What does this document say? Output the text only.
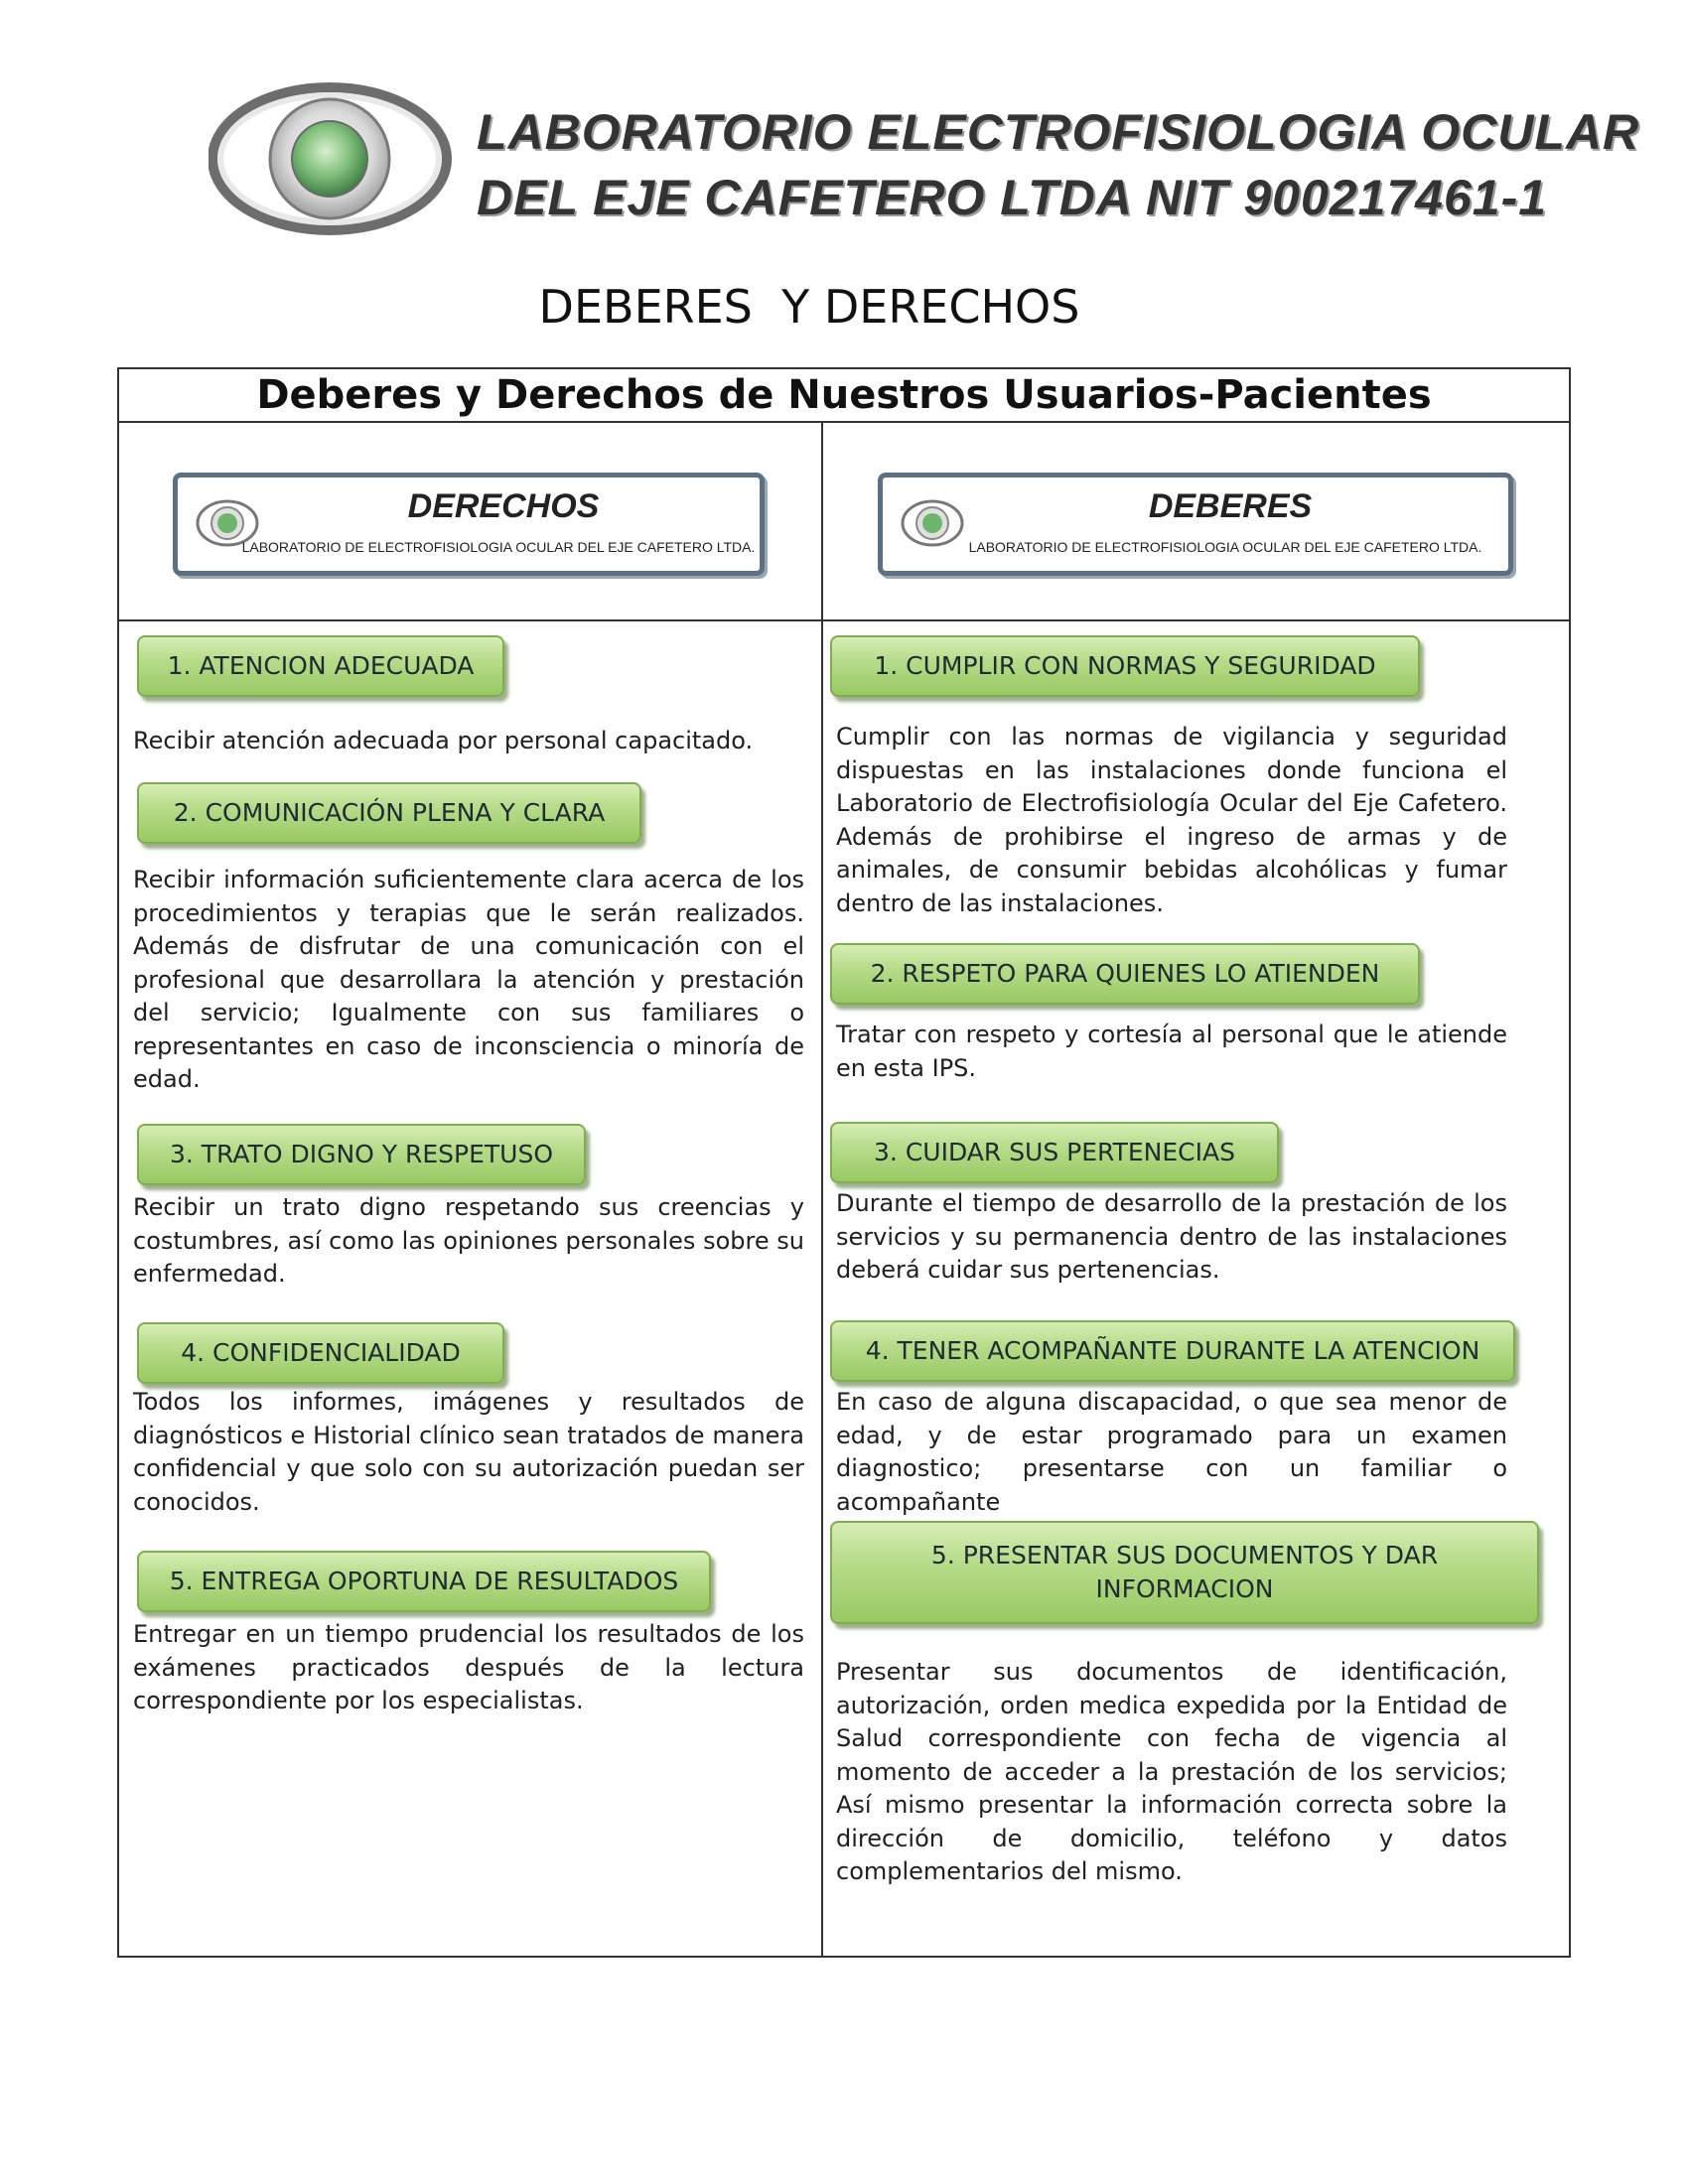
LABORATORIO ELECTROFISIOLOGIA OCULAR
DEL EJE CAFETERO LTDA NIT 900217461-1
DEBERES  Y DERECHOS
Deberes y Derechos de Nuestros Usuarios-Pacientes
DERECHOS
LABORATORIO DE ELECTROFISIOLOGIA OCULAR DEL EJE CAFETERO LTDA.
DEBERES
LABORATORIO DE ELECTROFISIOLOGIA OCULAR DEL EJE CAFETERO LTDA.
1. ATENCION ADECUADA

Recibir atención adecuada por personal capacitado.

2. COMUNICACIÓN PLENA Y CLARA

Recibir información suficientemente clara acerca de los procedimientos y terapias que le serán realizados. Además de disfrutar de una comunicación con el profesional que desarrollara la atención y prestación del servicio; Igualmente con sus familiares o representantes en caso de inconsciencia o minoría de edad.

3. TRATO DIGNO Y RESPETUSO

Recibir un trato digno respetando sus creencias y costumbres, así como las opiniones personales sobre su enfermedad.

4. CONFIDENCIALIDAD

Todos los informes, imágenes y resultados de diagnósticos e Historial clínico sean tratados de manera confidencial y que solo con su autorización puedan ser conocidos.

5. ENTREGA OPORTUNA DE RESULTADOS

Entregar en un tiempo prudencial los resultados de los exámenes practicados después de la lectura correspondiente por los especialistas.

1. CUMPLIR CON NORMAS Y SEGURIDAD

Cumplir con las normas de vigilancia y seguridad dispuestas en las instalaciones donde funciona el Laboratorio de Electrofisiología Ocular del Eje Cafetero. Además de prohibirse el ingreso de armas y de animales, de consumir bebidas alcohólicas y fumar dentro de las instalaciones.

2. RESPETO PARA QUIENES LO ATIENDEN

Tratar con respeto y cortesía al personal que le atiende en esta IPS.

3. CUIDAR SUS PERTENECIAS

Durante el tiempo de desarrollo de la prestación de los servicios y su permanencia dentro de las instalaciones deberá cuidar sus pertenencias.

4. TENER ACOMPAÑANTE DURANTE LA ATENCION

En caso de alguna discapacidad, o que sea menor de edad, y de estar programado para un examen diagnostico; presentarse con un familiar o acompañante

5. PRESENTAR SUS DOCUMENTOS Y DAR INFORMACION

Presentar sus documentos de identificación, autorización, orden medica expedida por la Entidad de Salud correspondiente con fecha de vigencia al momento de acceder a la prestación de los servicios; Así mismo presentar la información correcta sobre la dirección de domicilio, teléfono y datos complementarios del mismo.
